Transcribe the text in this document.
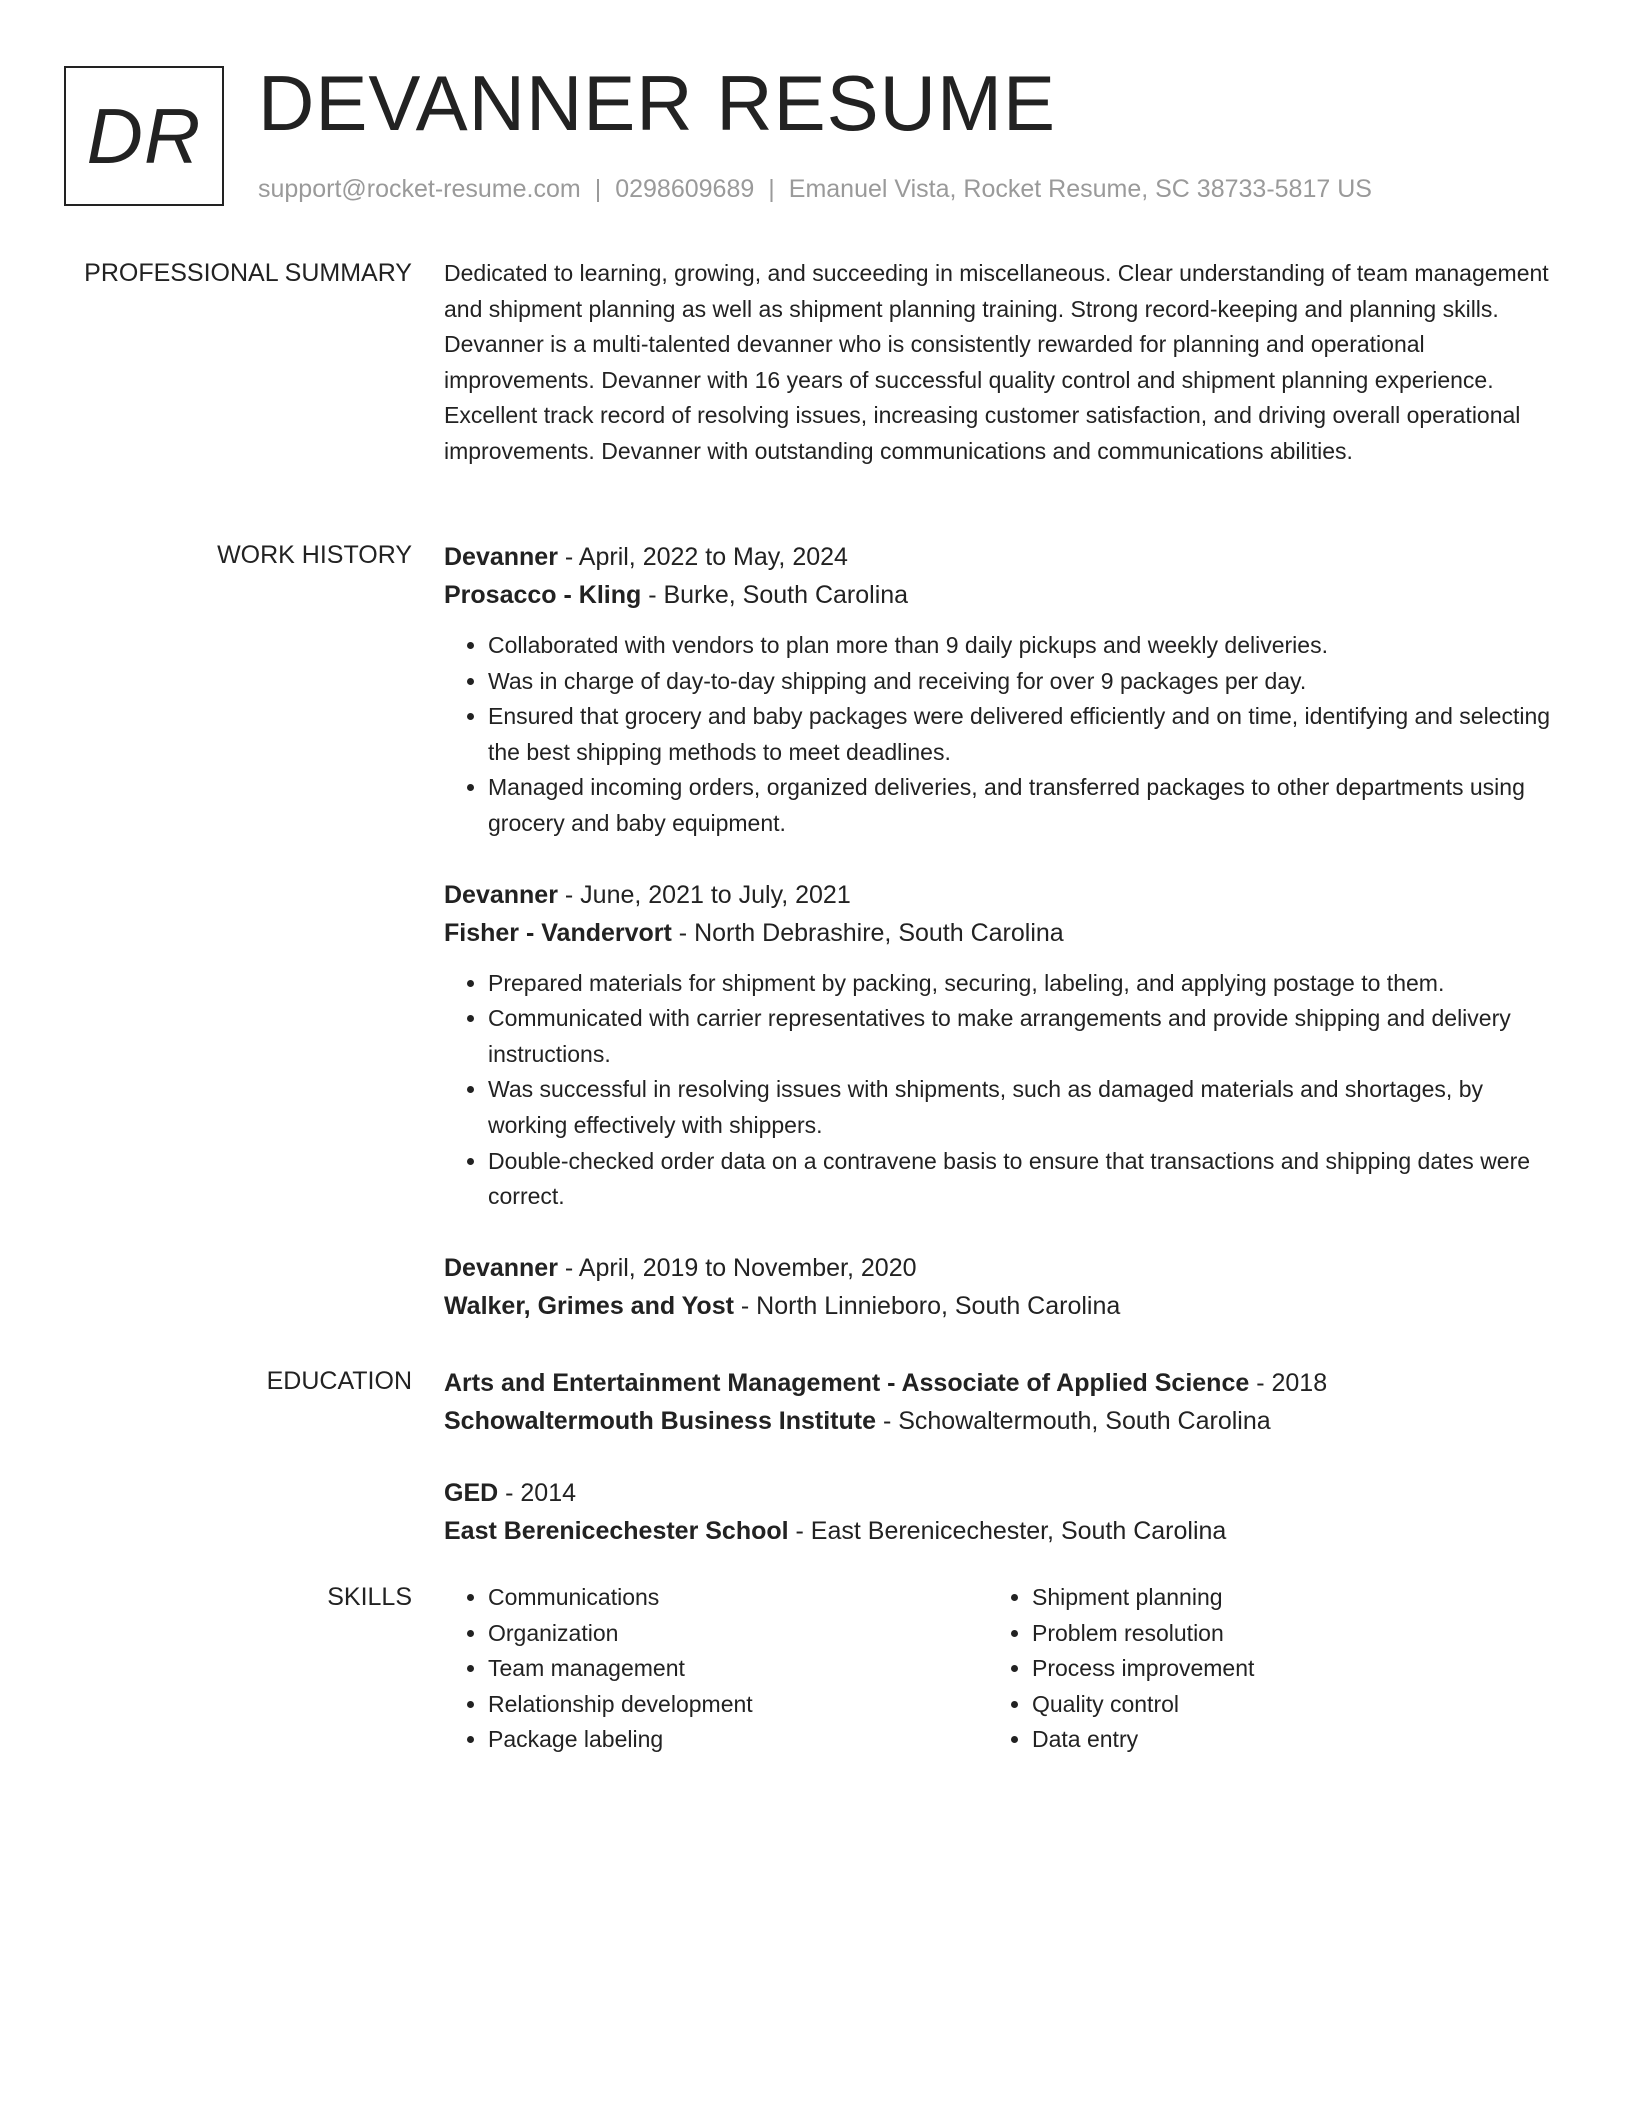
DR DEVANNER RESUME
support@rocket-resume.com | 0298609689 | Emanuel Vista, Rocket Resume, SC 38733-5817 US
PROFESSIONAL SUMMARY Dedicated to learning, growing, and succeeding in miscellaneous. Clear understanding of team management and shipment planning as well as shipment planning training. Strong record-keeping and planning skills. Devanner is a multi-talented devanner who is consistently rewarded for planning and operational improvements. Devanner with 16 years of successful quality control and shipment planning experience. Excellent track record of resolving issues, increasing customer satisfaction, and driving overall operational improvements. Devanner with outstanding communications and communications abilities.

WORK HISTORY Devanner - April, 2022 to May, 2024
Prosacco - Kling - Burke, South Carolina
• Collaborated with vendors to plan more than 9 daily pickups and weekly deliveries.
• Was in charge of day-to-day shipping and receiving for over 9 packages per day.
• Ensured that grocery and baby packages were delivered efficiently and on time, identifying and selecting the best shipping methods to meet deadlines.
• Managed incoming orders, organized deliveries, and transferred packages to other departments using grocery and baby equipment.
Devanner - June, 2021 to July, 2021
Fisher - Vandervort - North Debrashire, South Carolina
• Prepared materials for shipment by packing, securing, labeling, and applying postage to them.
• Communicated with carrier representatives to make arrangements and provide shipping and delivery instructions.
• Was successful in resolving issues with shipments, such as damaged materials and shortages, by working effectively with shippers.
• Double-checked order data on a contravene basis to ensure that transactions and shipping dates were correct.
Devanner - April, 2019 to November, 2020
Walker, Grimes and Yost - North Linnieboro, South Carolina
EDUCATION Arts and Entertainment Management - Associate of Applied Science - 2018
Schowaltermouth Business Institute - Schowaltermouth, South Carolina
GED - 2014
East Berenicechester School - East Berenicechester, South Carolina
SKILLS
•	Communications
• Organization
• Team management
• Relationship development
• Package labeling
• Shipment planning
• Problem resolution
• Process improvement
• Quality control
• Data entry
